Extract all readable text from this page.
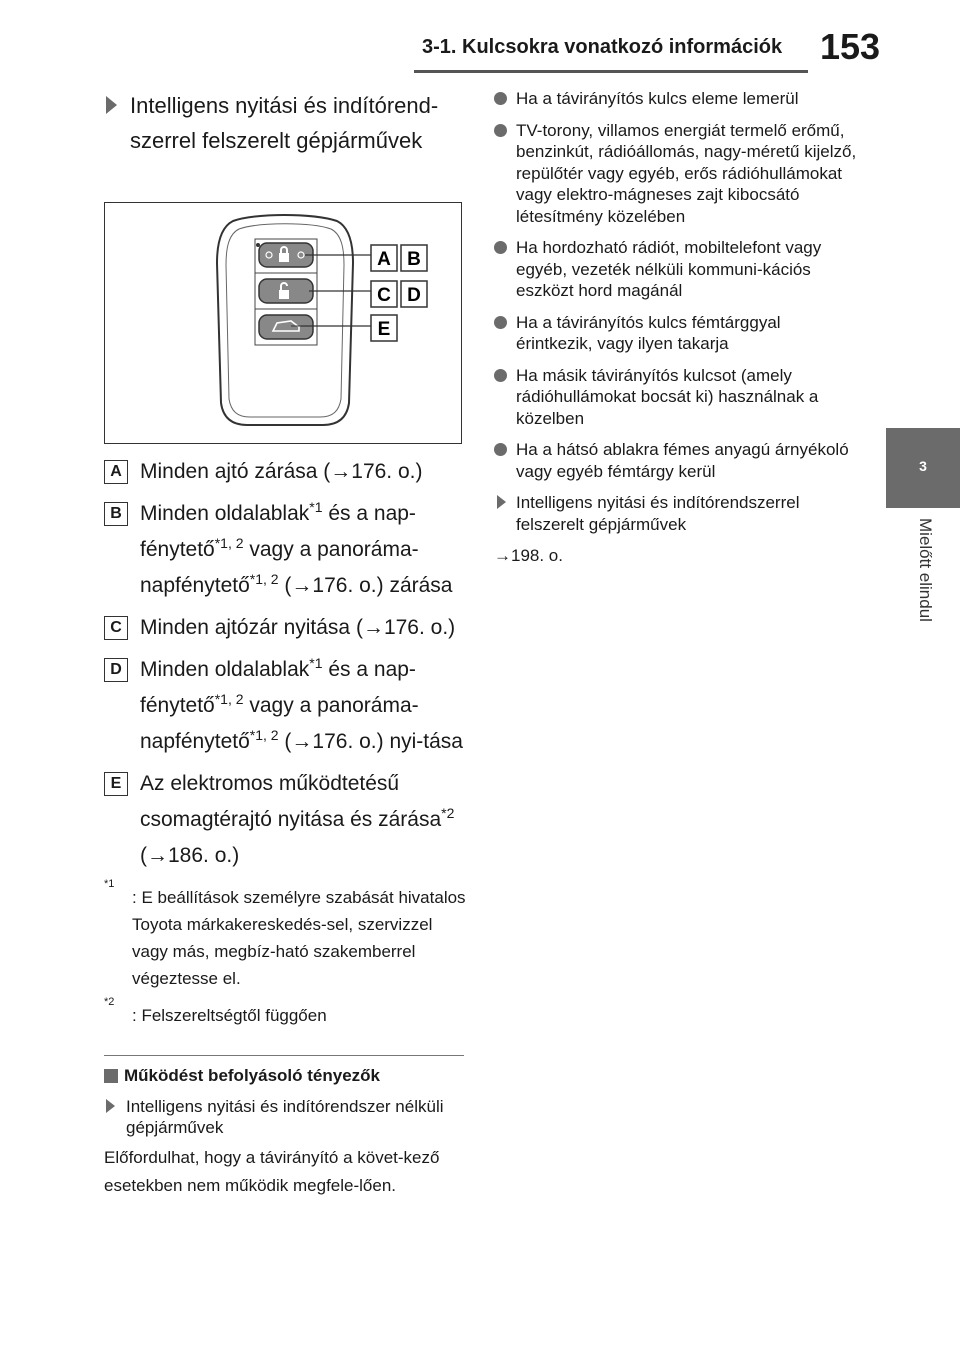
3-1. Kulcsokra vonatkozó információk 153
3
Mielőtt elindul
Intelligens nyitási és indítórend-szerrel felszerelt gépjárművek
A B
C D
E
A Minden ajtó zárása (→176. o.)
B Minden oldalablak$^{*1}$ és a nap-fénytető$^{*1, 2}$ vagy a panoráma-napfénytető$^{*1, 2}$ (→176. o.) zárása
C Minden ajtózár nyitása (→176. o.)
D Minden oldalablak$^{*1}$ és a nap-fénytető$^{*1, 2}$ vagy a panoráma-napfénytető$^{*1, 2}$ (→176. o.) nyi-tása
E Az elektromos működtetésű csomagtérajtó nyitása és zárása$^{*2}$ (→186. o.)
*1
: E beállítások személyre szabását hivatalos Toyota márkakereskedés-sel, szervizzel vagy más, megbíz-ható szakemberrel végeztesse el.
*2
: Felszereltségtől függően
Működést befolyásoló tényezők
Intelligens nyitási és indítórendszer nélküli gépjárművek
Előfordulhat, hogy a távirányító a követ-kező esetekben nem működik megfele-lően.
Ha a távirányítós kulcs eleme lemerül
TV-torony, villamos energiát termelő erőmű, benzinkút, rádióállomás, nagy-méretű kijelző, repülőtér vagy egyéb, erős rádióhullámokat vagy elektro-mágneses zajt kibocsátó létesítmény közelében
Ha hordozható rádiót, mobiltelefont vagy egyéb, vezeték nélküli kommuni-kációs eszközt hord magánál
Ha a távirányítós kulcs fémtárggyal érintkezik, vagy ilyen takarja
Ha másik távirányítós kulcsot (amely rádióhullámokat bocsát ki) használnak a közelben
Ha a hátsó ablakra fémes anyagú árnyékoló vagy egyéb fémtárgy kerül
Intelligens nyitási és indítórendszerrel felszerelt gépjárművek
→198. o.
